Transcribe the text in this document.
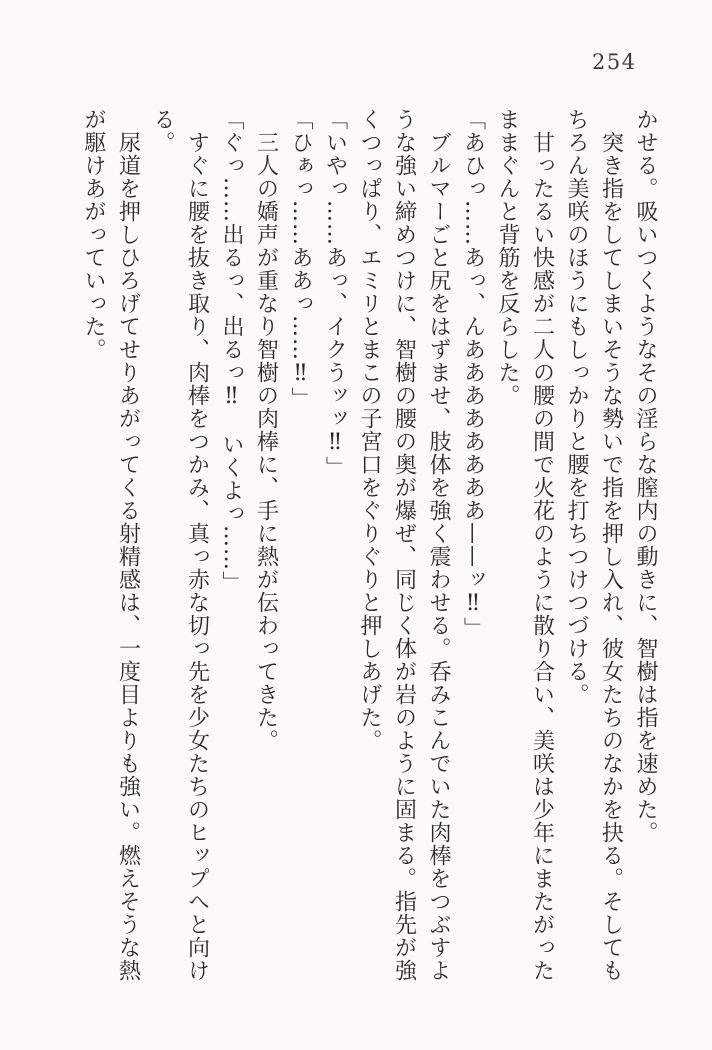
254
かせる。吸いつくようなその淫らな膣内の動きに、智樹は指を速めた。
突き指をしてしまいそうな勢いで指を押し入れ、彼女たちのなかを抉る。そしても
ちろん美咲のほうにもしっかりと腰を打ちつけつづける。
甘ったるい快感が二人の腰の間で火花のように散り合い、美咲は少年にまたがった
ままぐんと背筋を反らした。
「あひっ……あっ、んああああああああ——ッ‼」
ブルマーごと尻をはずませ、肢体を強く震わせる。呑みこんでいた肉棒をつぶすよ
うな強い締めつけに、智樹の腰の奥が爆ぜ、同じく体が岩のように固まる。指先が強
くつっぱり、エミリとまこの子宮口をぐりぐりと押しあげた。
「いやっ……あっ、イクうッッ‼」
「ひぁっ……ああっ……‼」
三人の嬌声が重なり智樹の肉棒に、手に熱が伝わってきた。
「ぐっ……出るっ、出るっ‼　いくよっ……」
すぐに腰を抜き取り、肉棒をつかみ、真っ赤な切っ先を少女たちのヒップへと向け
る。
尿道を押しひろげてせりあがってくる射精感は、一度目よりも強い。燃えそうな熱
が駆けあがっていった。
